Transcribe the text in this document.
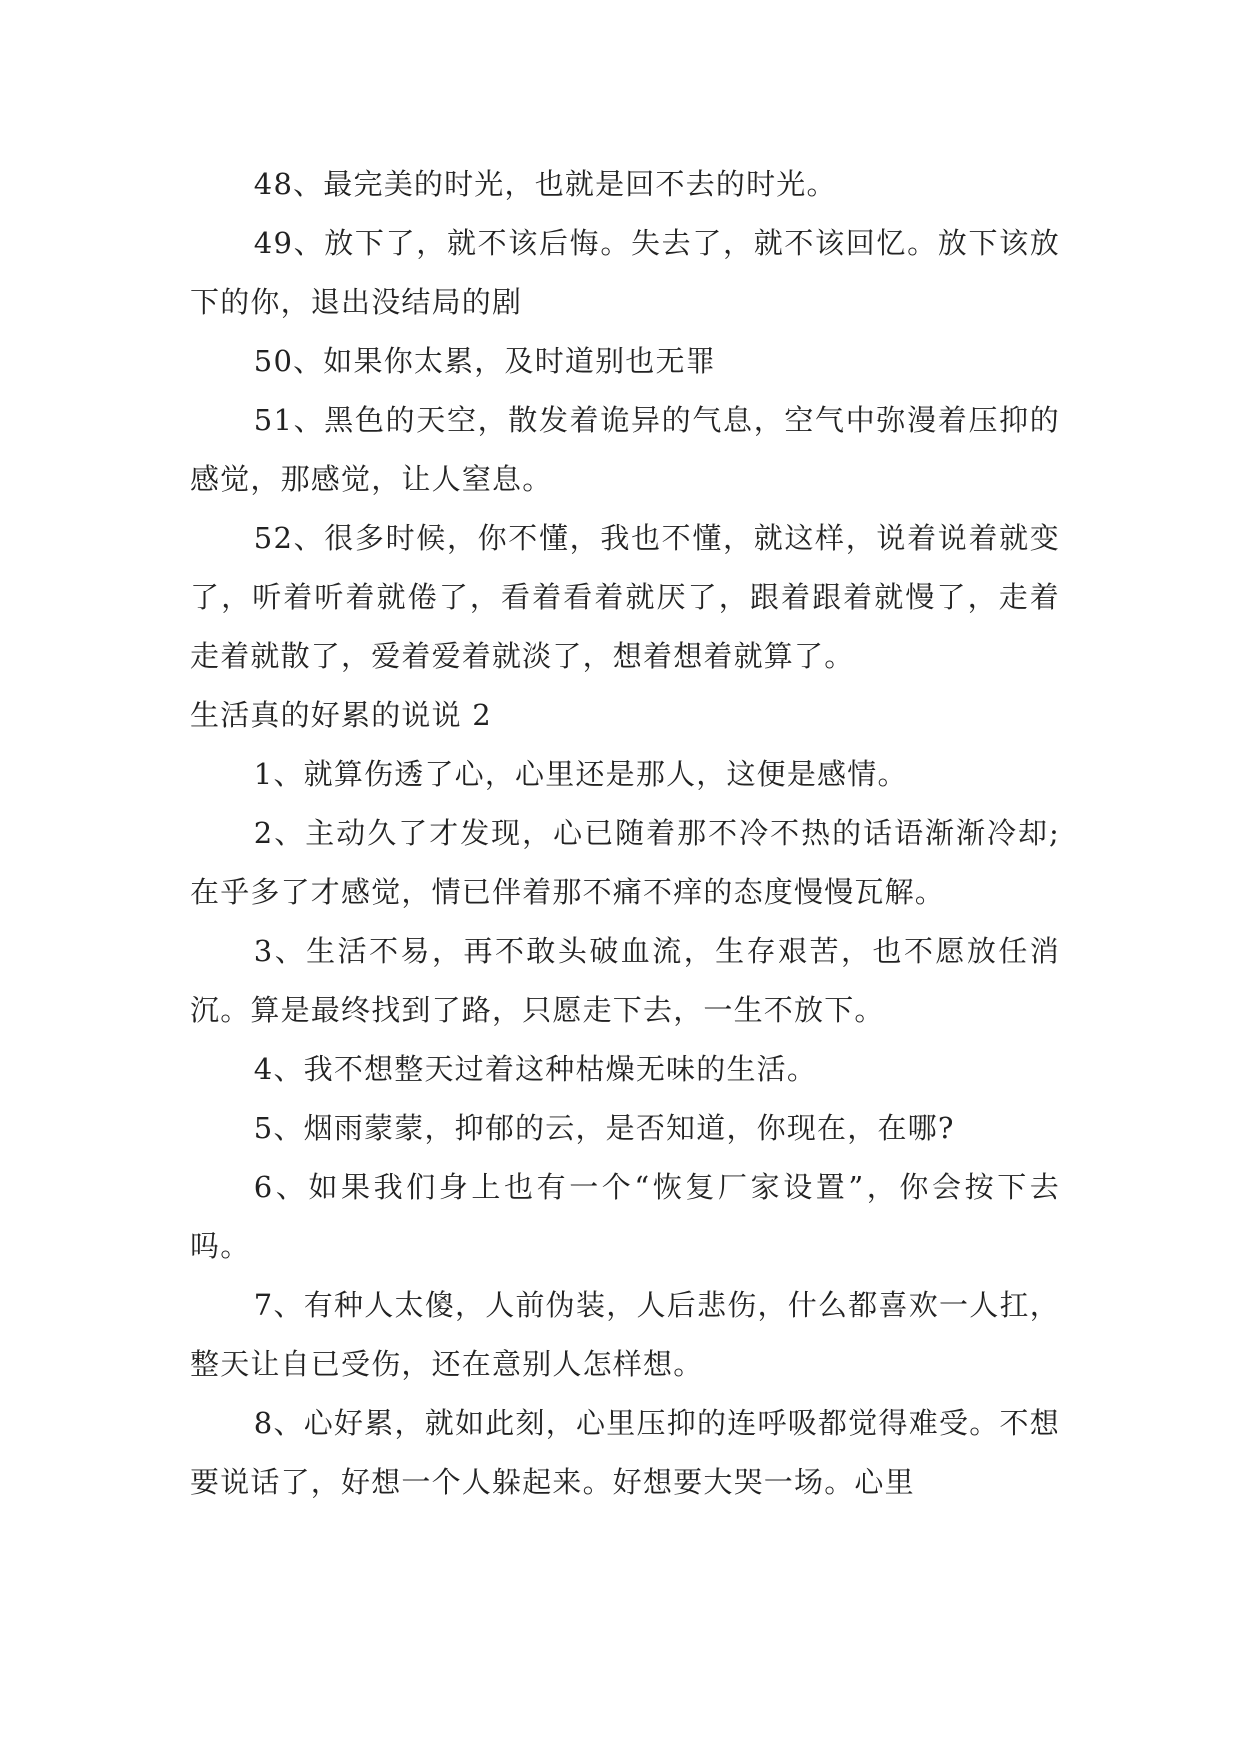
48、最完美的时光，也就是回不去的时光。

49、放下了，就不该后悔。失去了，就不该回忆。放下该放下的你，退出没结局的剧

50、如果你太累，及时道别也无罪

51、黑色的天空，散发着诡异的气息，空气中弥漫着压抑的感觉，那感觉，让人窒息。

52、很多时候，你不懂，我也不懂，就这样，说着说着就变了，听着听着就倦了，看着看着就厌了，跟着跟着就慢了，走着走着就散了，爱着爱着就淡了，想着想着就算了。

生活真的好累的说说 2

1、就算伤透了心，心里还是那人，这便是感情。

2、主动久了才发现，心已随着那不冷不热的话语渐渐冷却;在乎多了才感觉，情已伴着那不痛不痒的态度慢慢瓦解。

3、生活不易，再不敢头破血流，生存艰苦，也不愿放任消沉。算是最终找到了路，只愿走下去，一生不放下。

4、我不想整天过着这种枯燥无味的生活。

5、烟雨蒙蒙，抑郁的云，是否知道，你现在，在哪?

6、如果我们身上也有一个“恢复厂家设置”，你会按下去吗。

7、有种人太傻，人前伪装，人后悲伤，什么都喜欢一人扛，整天让自已受伤，还在意别人怎样想。

8、心好累，就如此刻，心里压抑的连呼吸都觉得难受。不想要说话了，好想一个人躲起来。好想要大哭一场。心里
